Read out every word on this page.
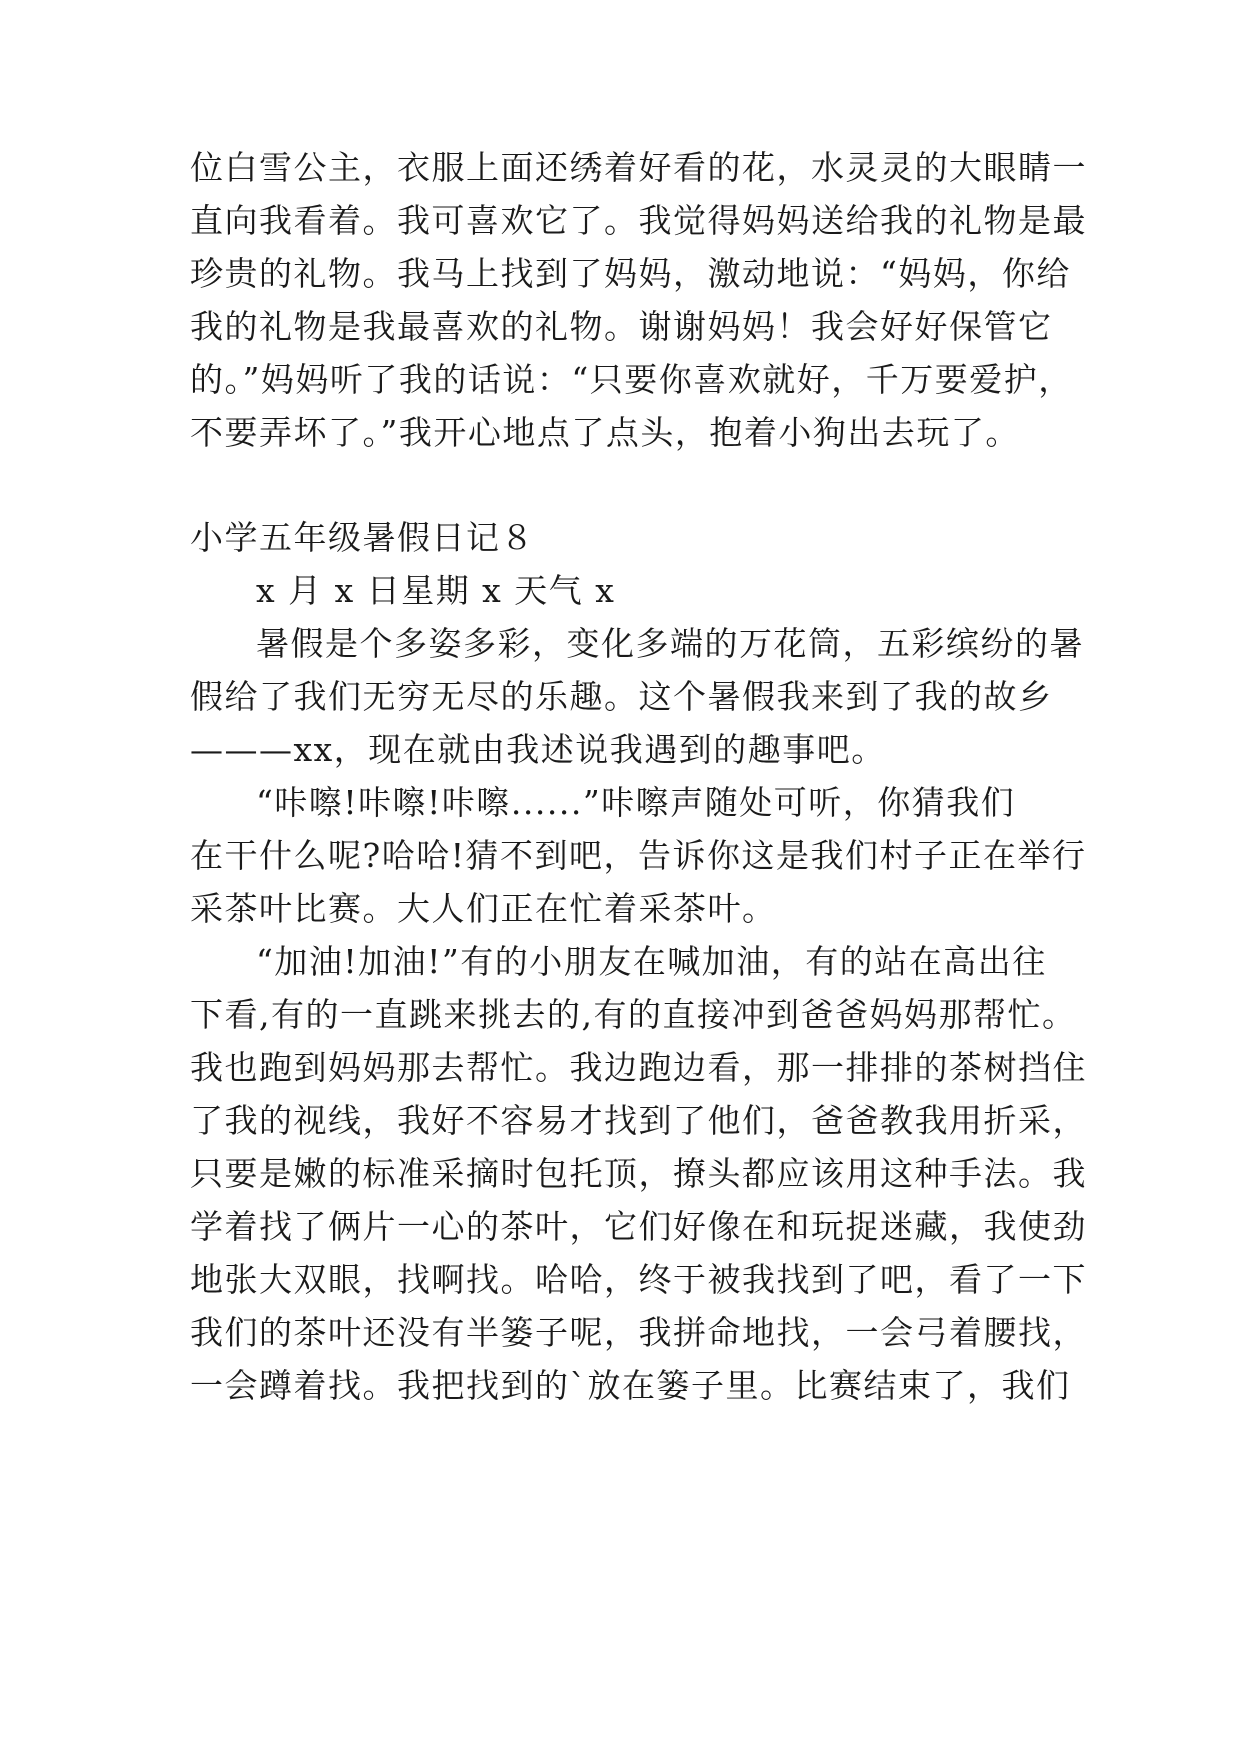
位白雪公主，衣服上面还绣着好看的花，水灵灵的大眼睛一
直向我看着。我可喜欢它了。我觉得妈妈送给我的礼物是最
珍贵的礼物。我马上找到了妈妈，激动地说：“妈妈，你给
我的礼物是我最喜欢的礼物。谢谢妈妈！我会好好保管它
的。”妈妈听了我的话说：“只要你喜欢就好，千万要爱护，
不要弄坏了。”我开心地点了点头，抱着小狗出去玩了。
小学五年级暑假日记８
x 月 x 日星期 x 天气 x
暑假是个多姿多彩，变化多端的万花筒，五彩缤纷的暑
假给了我们无穷无尽的乐趣。这个暑假我来到了我的故乡
———xx，现在就由我述说我遇到的趣事吧。
“咔嚓!咔嚓!咔嚓......”咔嚓声随处可听，你猜我们
在干什么呢?哈哈!猜不到吧，告诉你这是我们村子正在举行
采茶叶比赛。大人们正在忙着采茶叶。
“加油!加油!”有的小朋友在喊加油，有的站在高出往
下看,有的一直跳来挑去的,有的直接冲到爸爸妈妈那帮忙。
我也跑到妈妈那去帮忙。我边跑边看，那一排排的茶树挡住
了我的视线，我好不容易才找到了他们，爸爸教我用折采，
只要是嫩的标准采摘时包托顶，撩头都应该用这种手法。我
学着找了俩片一心的茶叶，它们好像在和玩捉迷藏，我使劲
地张大双眼，找啊找。哈哈，终于被我找到了吧，看了一下
我们的茶叶还没有半篓子呢，我拼命地找，一会弓着腰找，
一会蹲着找。我把找到的`放在篓子里。比赛结束了，我们
